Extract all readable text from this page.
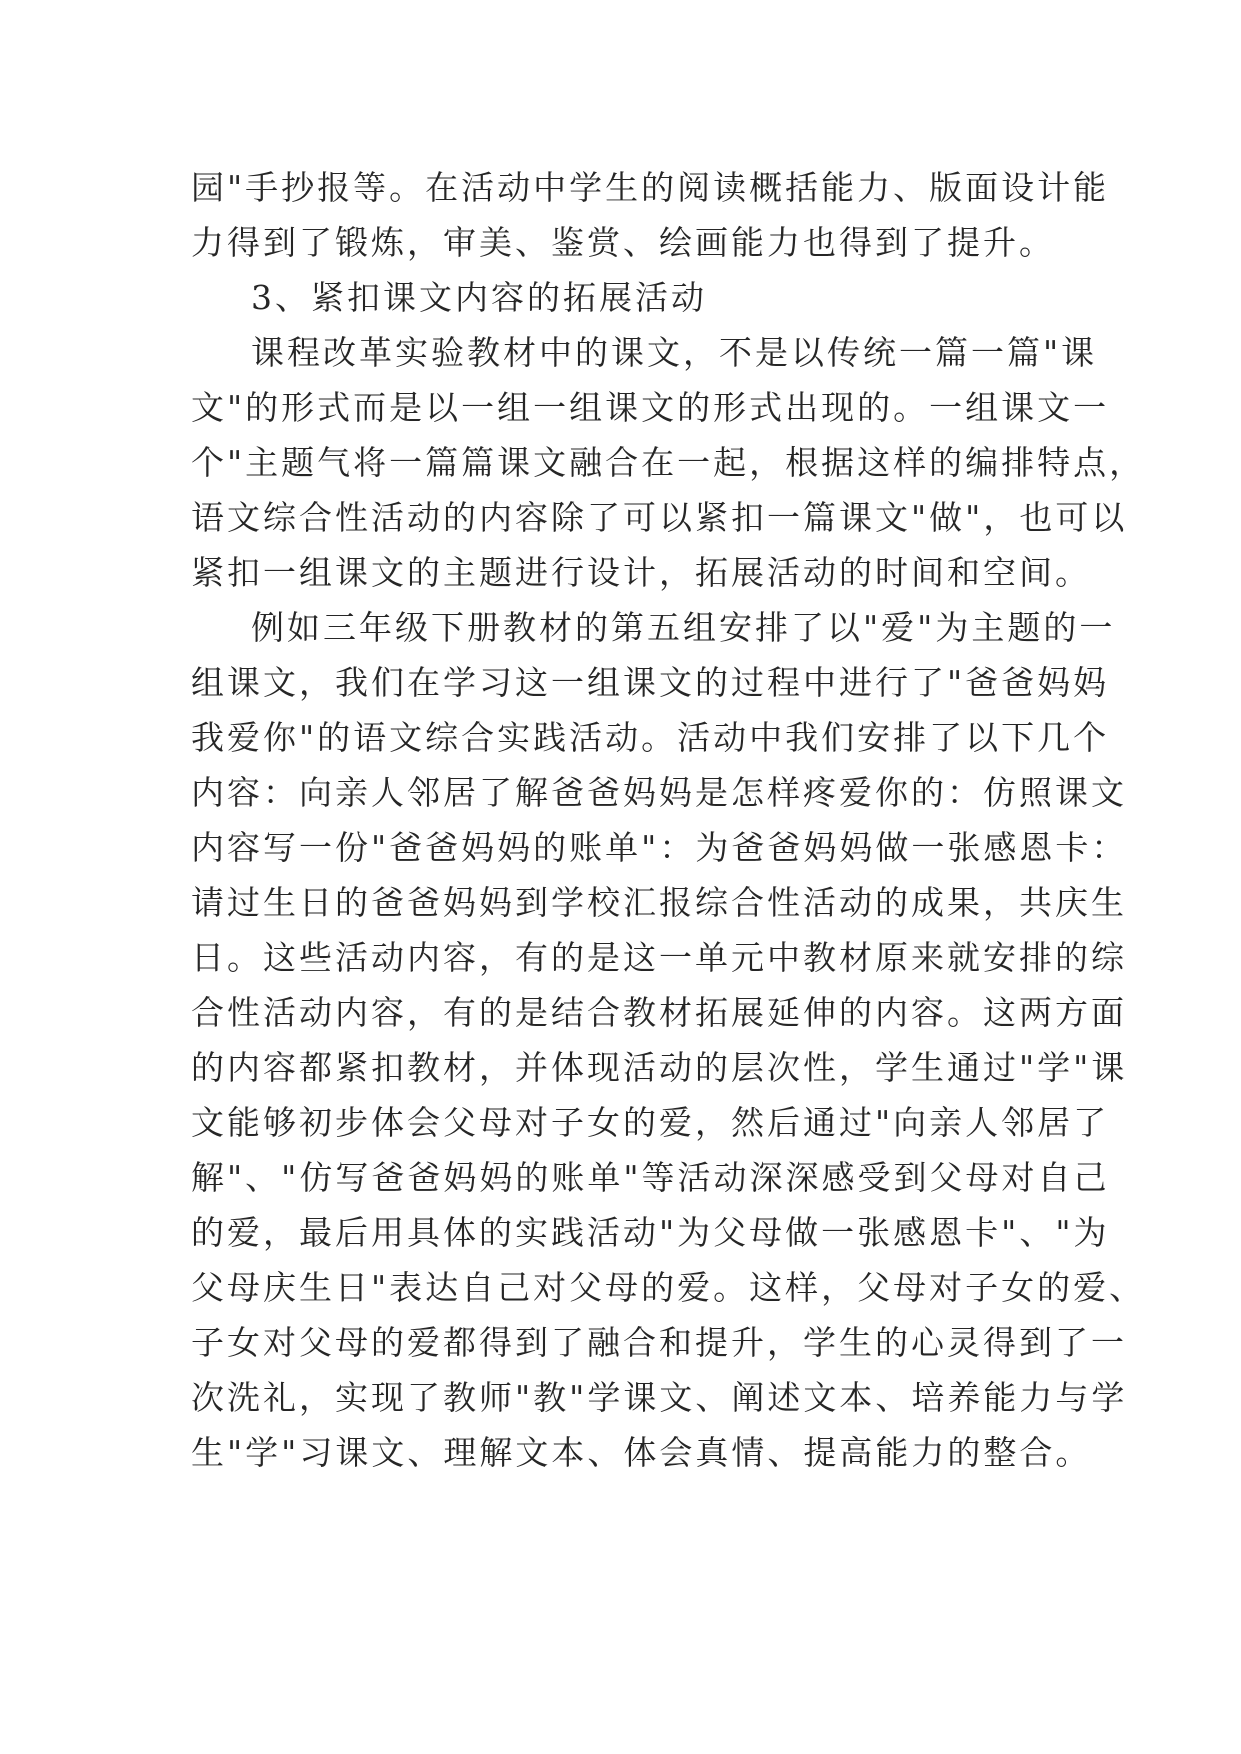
园"手抄报等。在活动中学生的阅读概括能力、版面设计能
力得到了锻炼，审美、鉴赏、绘画能力也得到了提升。
3、紧扣课文内容的拓展活动
课程改革实验教材中的课文，不是以传统一篇一篇"课
文"的形式而是以一组一组课文的形式出现的。一组课文一
个"主题气将一篇篇课文融合在一起，根据这样的编排特点，
语文综合性活动的内容除了可以紧扣一篇课文"做"，也可以
紧扣一组课文的主题进行设计，拓展活动的时间和空间。
例如三年级下册教材的第五组安排了以"爱"为主题的一
组课文，我们在学习这一组课文的过程中进行了"爸爸妈妈
我爱你"的语文综合实践活动。活动中我们安排了以下几个
内容：向亲人邻居了解爸爸妈妈是怎样疼爱你的：仿照课文
内容写一份"爸爸妈妈的账单"：为爸爸妈妈做一张感恩卡：
请过生日的爸爸妈妈到学校汇报综合性活动的成果，共庆生
日。这些活动内容，有的是这一单元中教材原来就安排的综
合性活动内容，有的是结合教材拓展延伸的内容。这两方面
的内容都紧扣教材，并体现活动的层次性，学生通过"学"课
文能够初步体会父母对子女的爱，然后通过"向亲人邻居了
解"、"仿写爸爸妈妈的账单"等活动深深感受到父母对自己
的爱，最后用具体的实践活动"为父母做一张感恩卡"、"为
父母庆生日"表达自己对父母的爱。这样，父母对子女的爱、
子女对父母的爱都得到了融合和提升，学生的心灵得到了一
次洗礼，实现了教师"教"学课文、阐述文本、培养能力与学
生"学"习课文、理解文本、体会真情、提高能力的整合。
